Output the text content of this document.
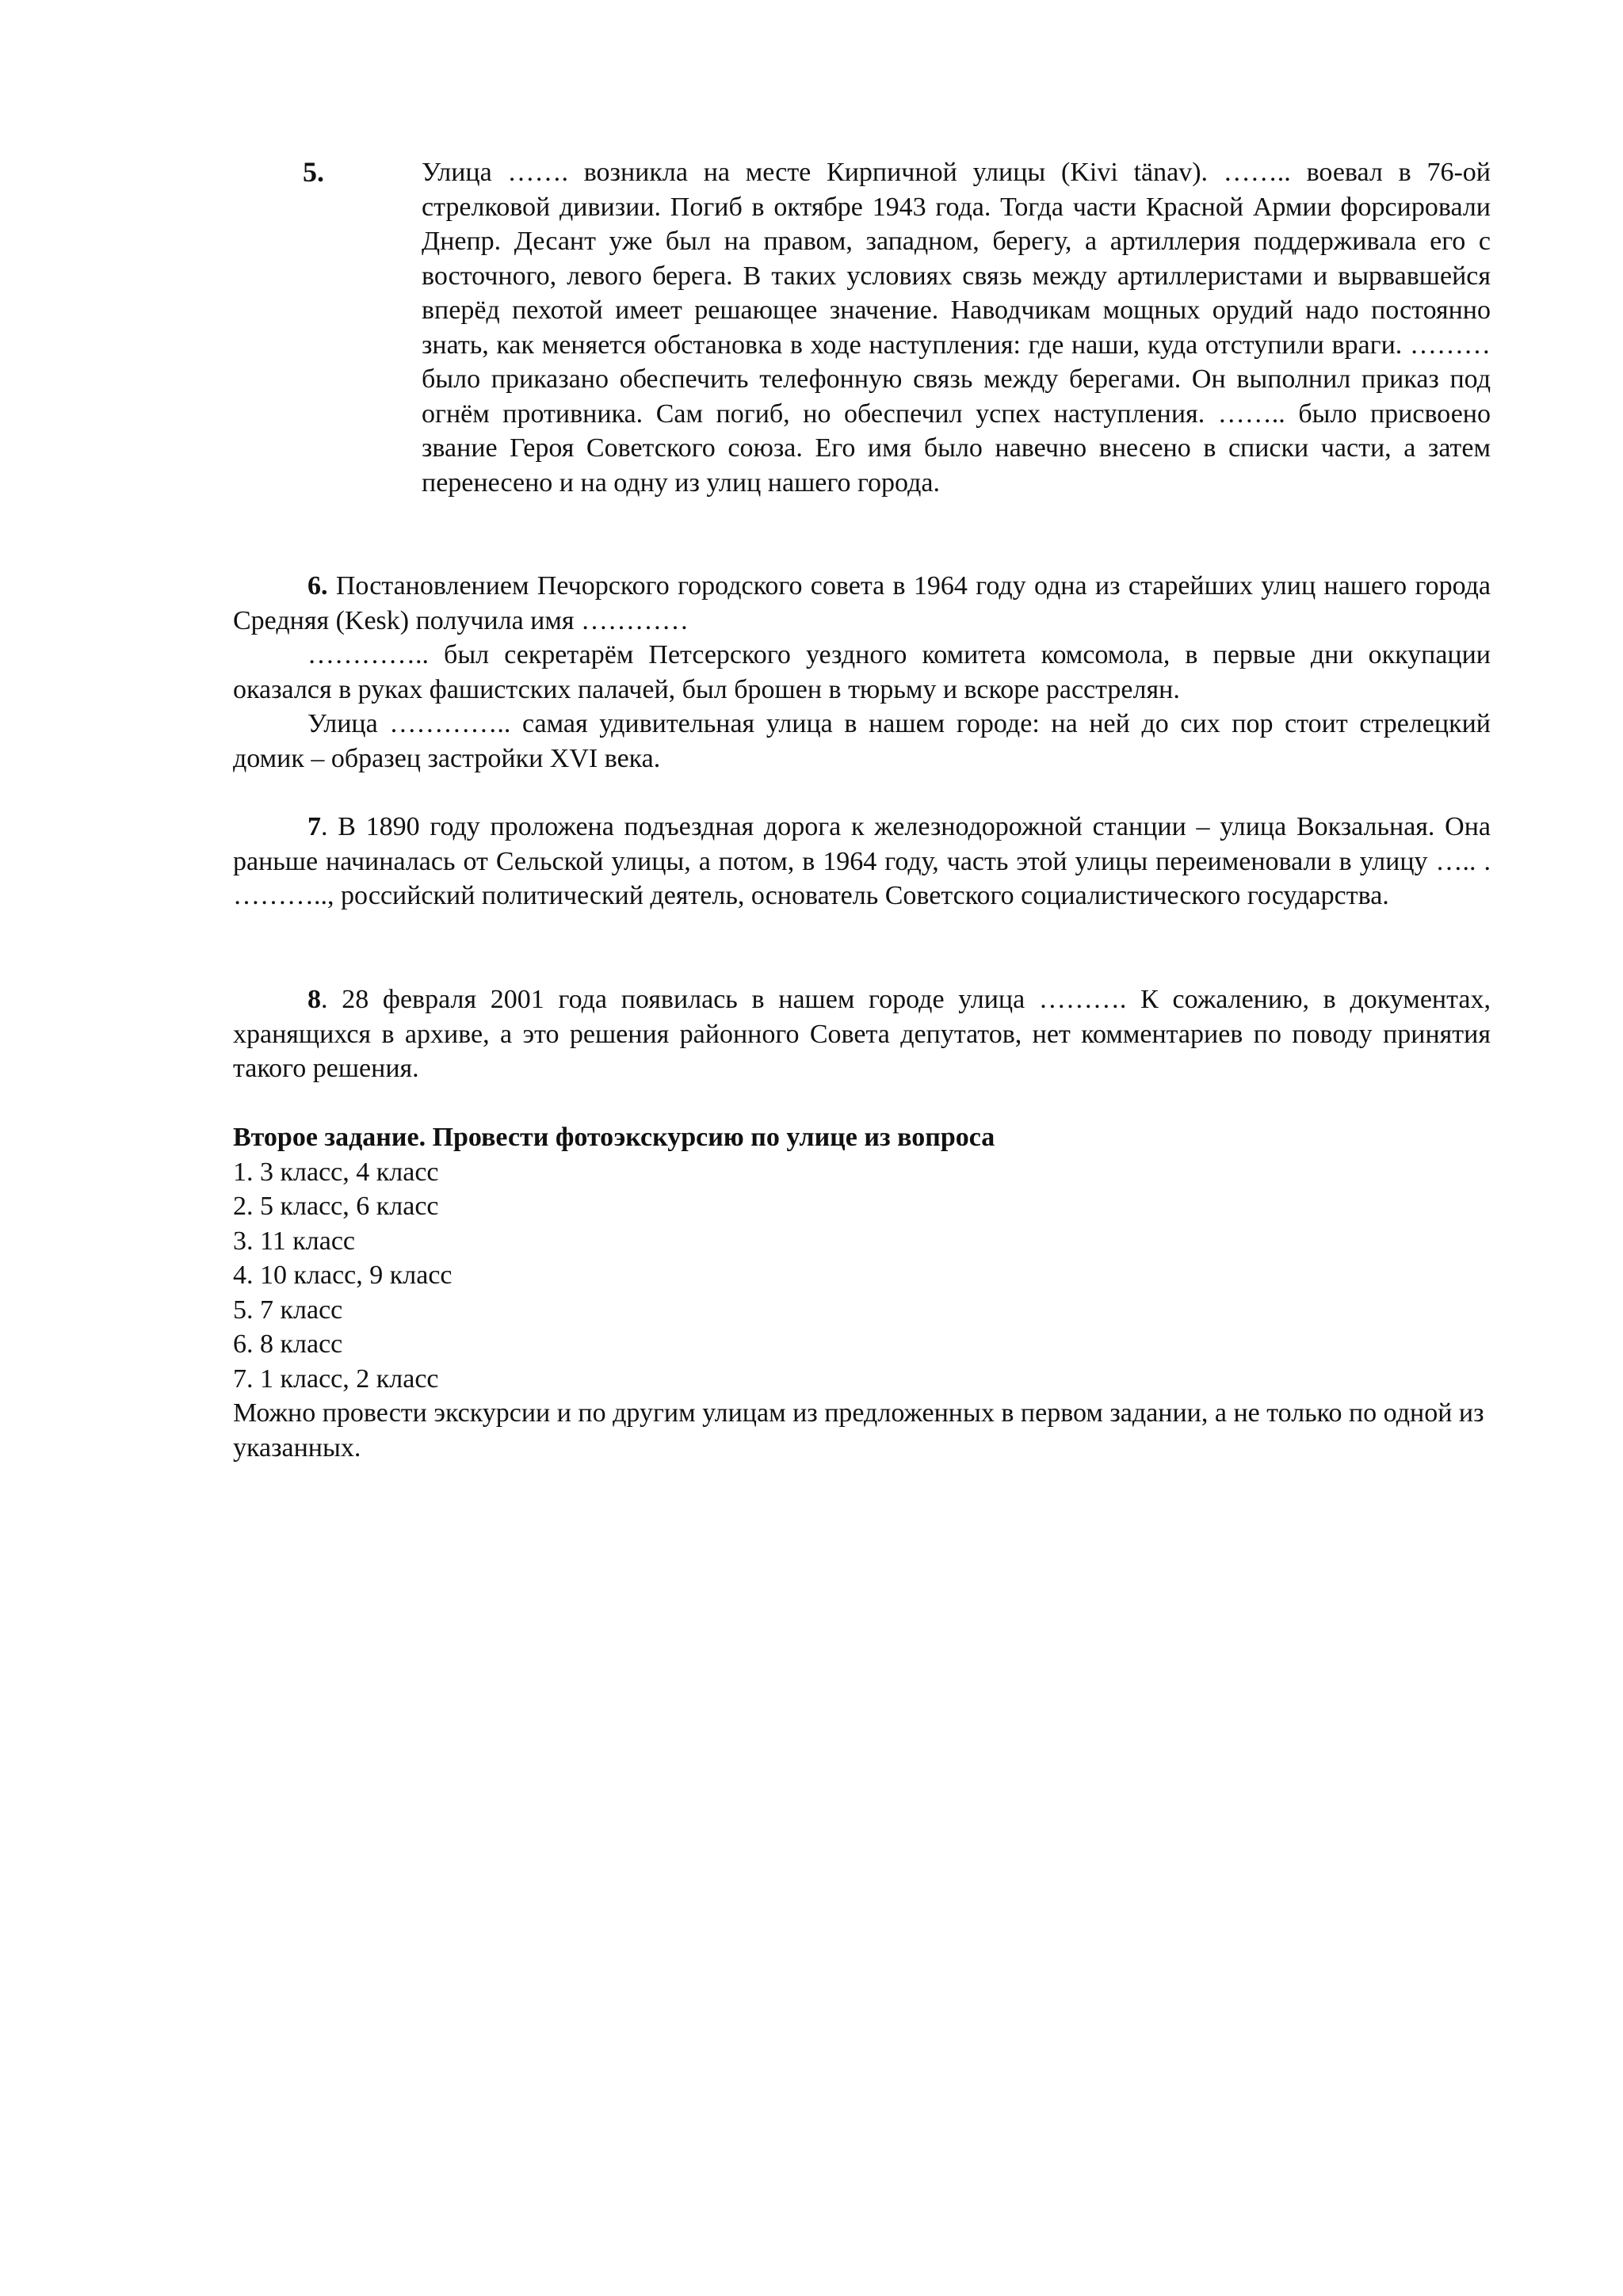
5.	Улица ……. возникла на месте Кирпичной улицы (Kivi tänav). …….. воевал в 76-ой стрелковой дивизии. Погиб в октябре 1943 года. Тогда части Красной Армии форсировали Днепр. Десант уже был на правом, западном, берегу, а артиллерия поддерживала его с восточного, левого берега. В таких условиях связь между артиллеристами и вырвавшейся вперёд пехотой имеет решающее значение. Наводчикам мощных орудий надо постоянно знать, как меняется обстановка в ходе наступления: где наши, куда отступили враги. ……… было приказано обеспечить телефонную связь между берегами. Он выполнил приказ под огнём противника. Сам погиб, но обеспечил успех наступления. …….. было присвоено звание Героя Советского союза. Его имя было навечно внесено в списки части, а затем перенесено и на одну из улиц нашего города.

6. Постановлением Печорского городского совета в 1964 году одна из старейших улиц нашего города Средняя (Kesk) получила имя …………

………….. был секретарём Петсерского уездного комитета комсомола, в первые дни оккупации оказался в руках фашистских палачей, был брошен в тюрьму и вскоре расстрелян.

Улица ………….. самая удивительная улица в нашем городе: на ней до сих пор стоит стрелецкий домик – образец застройки XVI века.

7. В 1890 году проложена подъездная дорога к железнодорожной станции – улица Вокзальная. Она раньше начиналась от Сельской улицы, а потом, в 1964 году, часть этой улицы переименовали в улицу ….. . ……….., российский политический деятель, основатель Советского социалистического государства.

8. 28 февраля 2001 года появилась в нашем городе улица ………. К сожалению, в документах, хранящихся в архиве, а это решения районного Совета депутатов, нет комментариев по поводу принятия такого решения.

Второе задание. Провести фотоэкскурсию по улице из вопроса

1. 3 класс, 4 класс

2. 5 класс, 6 класс

3. 11 класс

4. 10 класс, 9 класс

5. 7 класс

6. 8 класс

7. 1 класс, 2 класс

Можно провести экскурсии и по другим улицам из предложенных в первом задании, а не только по одной из указанных.
